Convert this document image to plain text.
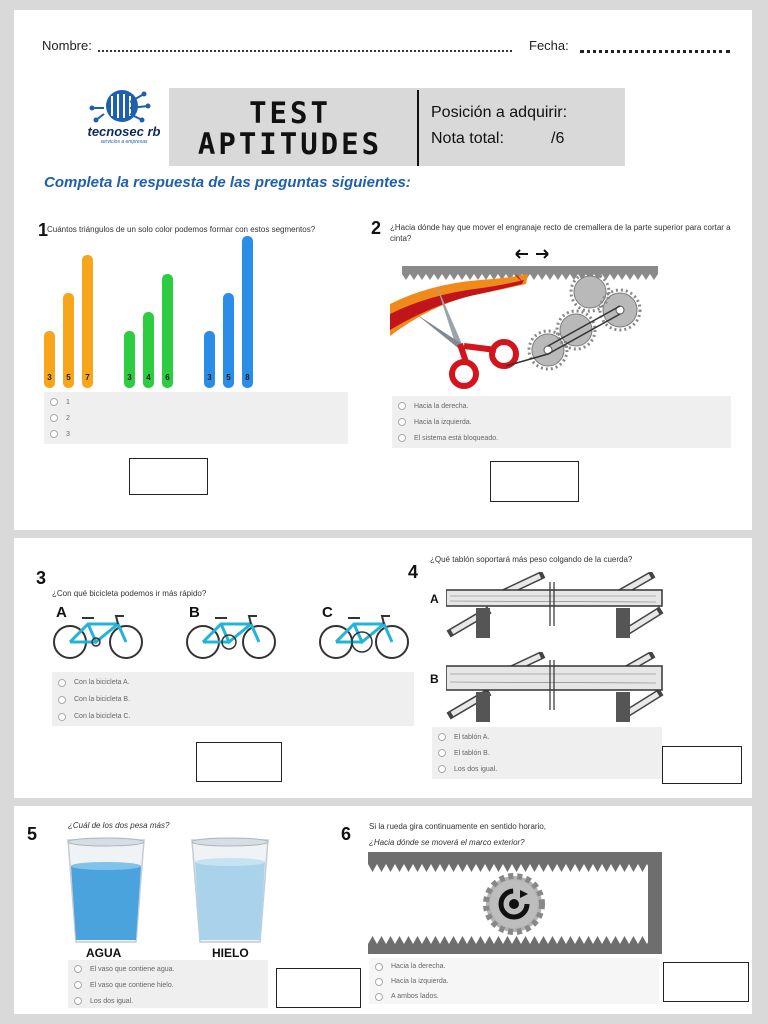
Nombre:	Fecha:
tecnosec rb
servicios a empresas
TEST
APTITUDES
Posición a adquirir:
Nota total:	/6
Completa la respuesta de las preguntas siguientes:
1
Cuántos triángulos de un solo color podemos formar con estos segmentos?
3 5 7	3 4 6	3 5 8
1
2
3
2 ¿Hacia dónde hay que mover el engranaje recto de cremallera de la parte superior para cortar a cinta?
Hacia la derecha.
Hacia la izquierda.
El sistema está bloqueado.
3
¿Con qué bicicleta podemos ir más rápido?
A	B	C
Con la bicicleta A.
Con la bicicleta B.
Con la bicicleta C.
¿Qué tablón soportará más peso colgando de la cuerda?
4
A
B
El tablón A.
El tablón B.
Los dos igual.
5	¿Cuál de los dos pesa más?
AGUA	HIELO
El vaso que contiene agua.
El vaso que contiene hielo.
Los dos igual.
6 Si la rueda gira continuamente en sentido horario,
¿Hacia dónde se moverá el marco exterior?
Hacia la derecha.
Hacia la izquierda.
A ambos lados.
